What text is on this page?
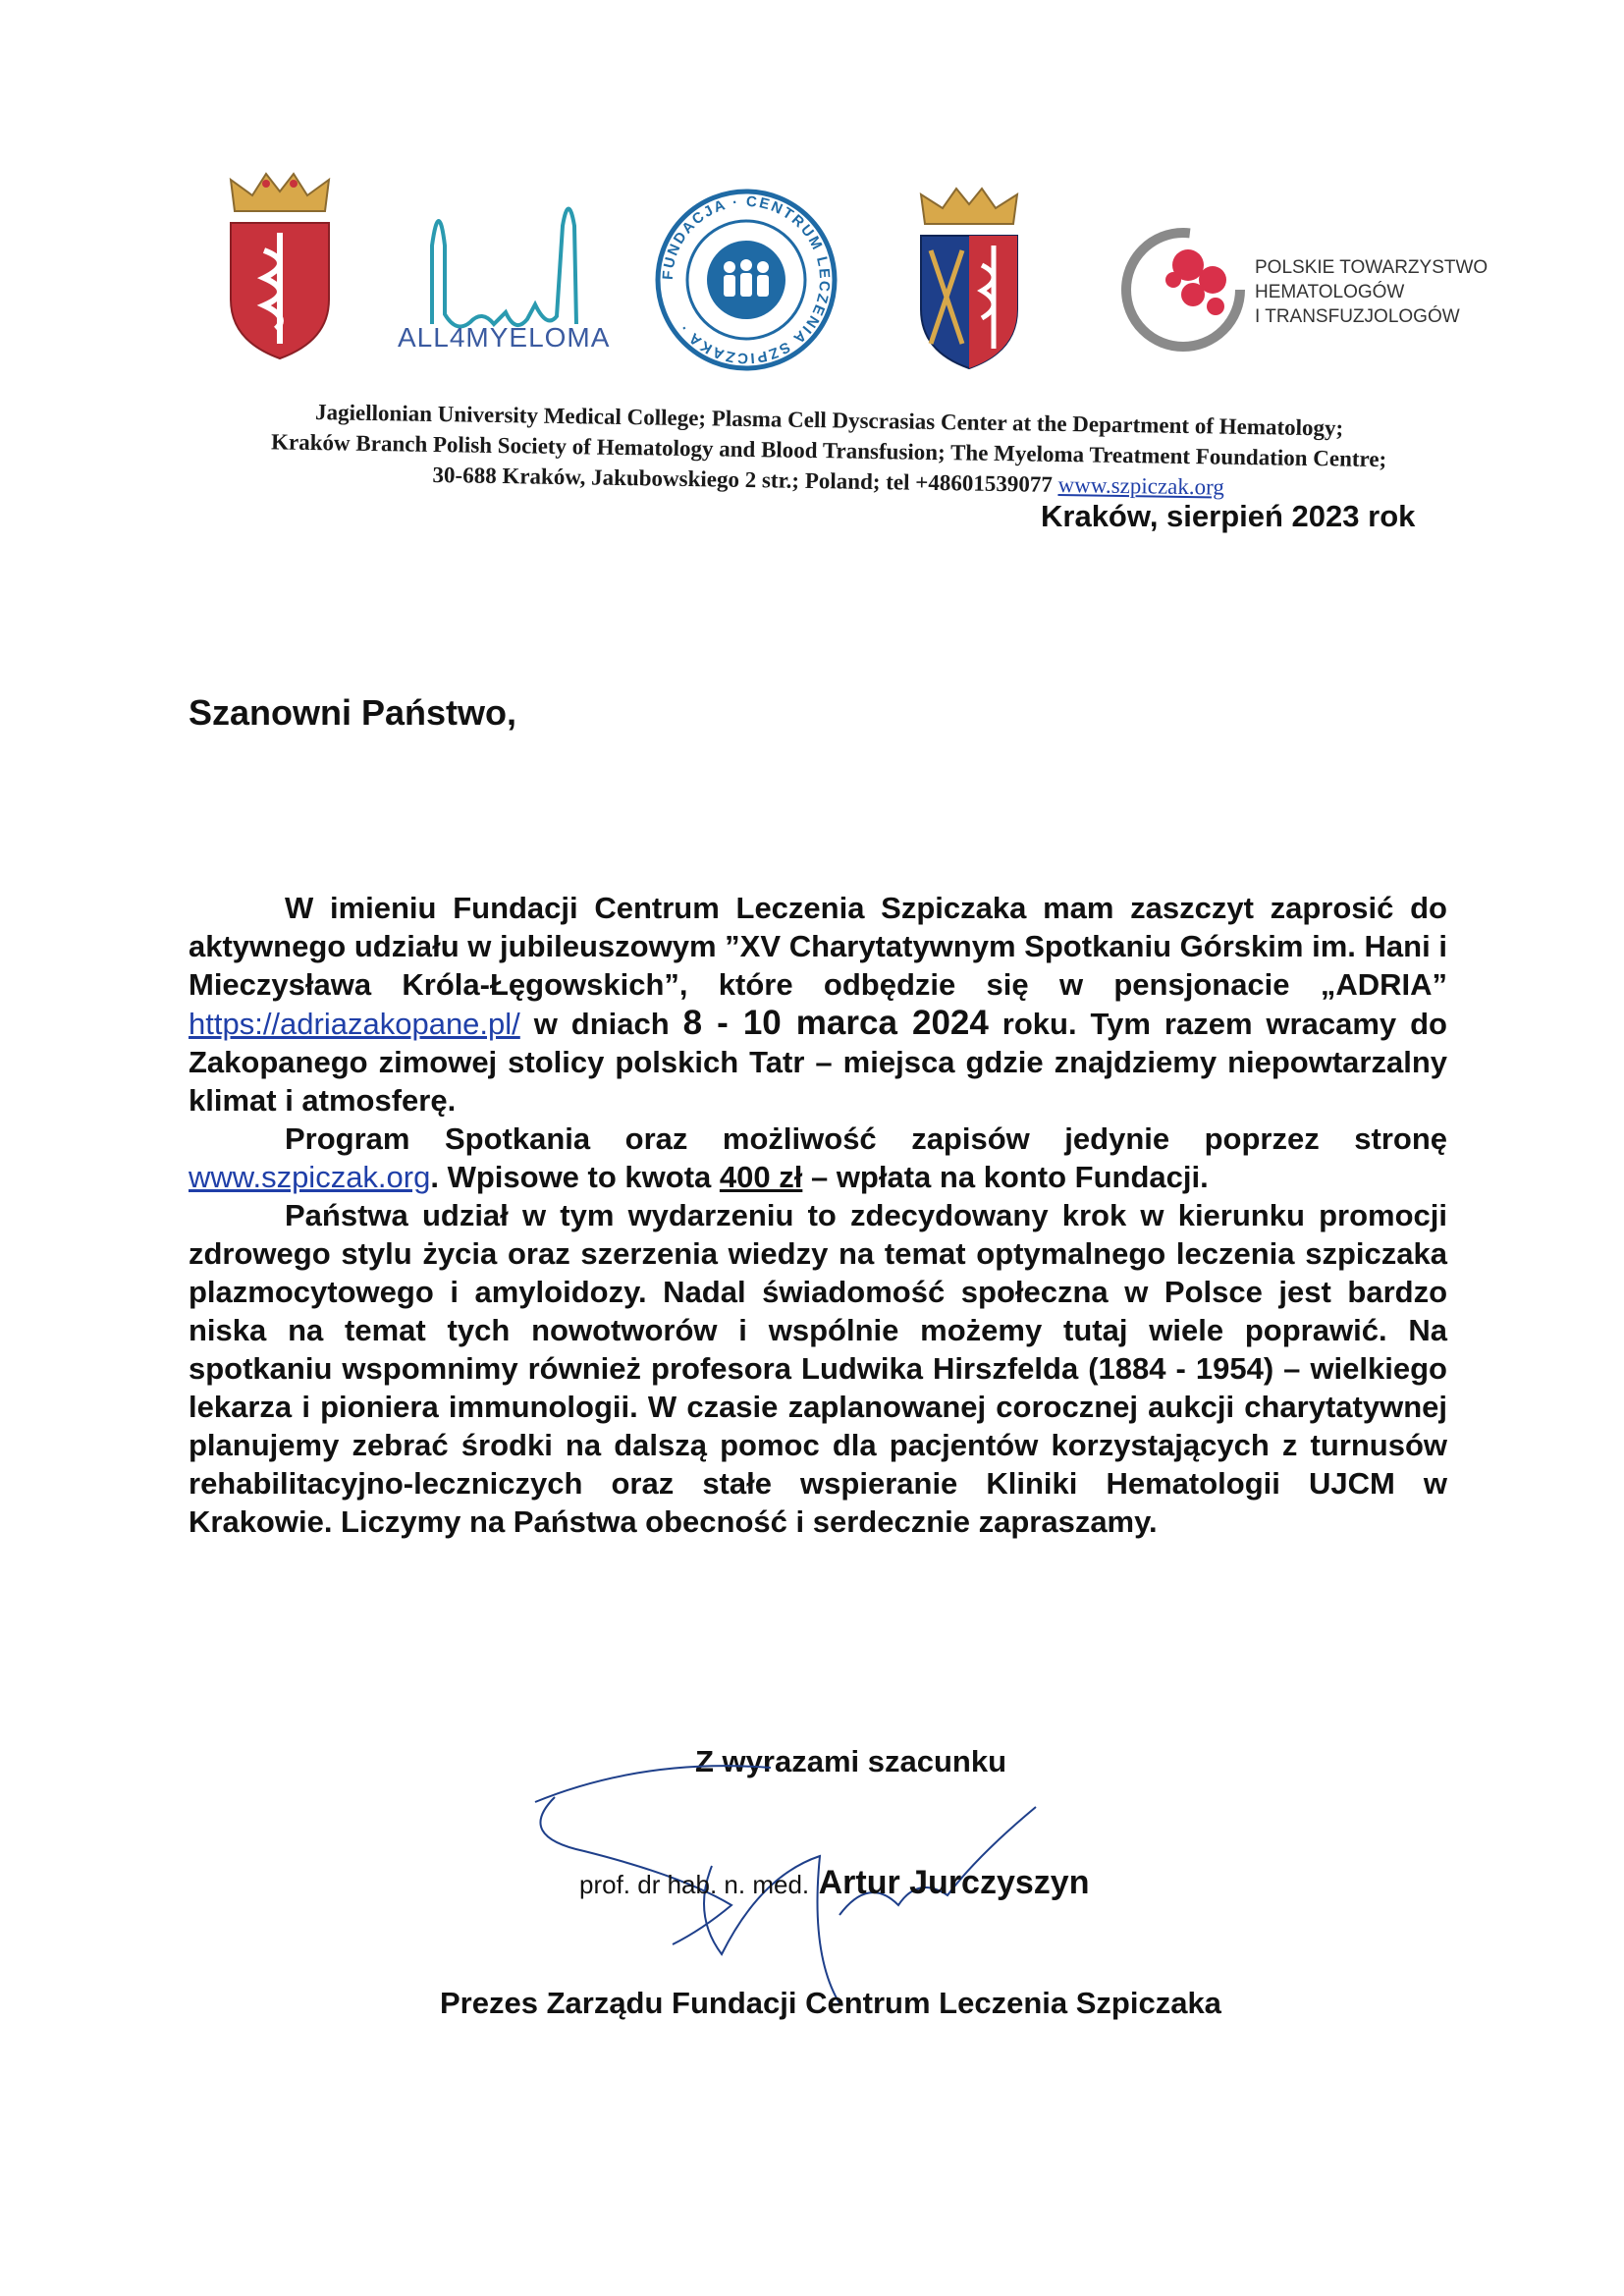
ALL4MYELOMA
FUNDACJA · CENTRUM LECZENIA SZPICZAKA ·
POLSKIE TOWARZYSTWO
HEMATOLOGÓW
I TRANSFUZJOLOGÓW
Jagiellonian University Medical College; Plasma Cell Dyscrasias Center at the Department of Hematology;
Kraków Branch Polish Society of Hematology and Blood Transfusion; The Myeloma Treatment Foundation Centre;
30-688 Kraków, Jakubowskiego 2 str.; Poland; tel +48601539077 www.szpiczak.org
Kraków, sierpień 2023 rok
Szanowni Państwo,

W imieniu Fundacji Centrum Leczenia Szpiczaka mam zaszczyt zaprosić do aktywnego udziału w jubileuszowym ”XV Charytatywnym Spotkaniu Górskim im. Hani i Mieczysława Króla-Łęgowskich”, które odbędzie się w pensjonacie „ADRIA” https://adriazakopane.pl/ w dniach 8 - 10 marca 2024 roku. Tym razem wracamy do Zakopanego zimowej stolicy polskich Tatr – miejsca gdzie znajdziemy niepowtarzalny klimat i atmosferę.

Program Spotkania oraz możliwość zapisów jedynie poprzez stronę www.szpiczak.org. Wpisowe to kwota 400 zł – wpłata na konto Fundacji.

Państwa udział w tym wydarzeniu to zdecydowany krok w kierunku promocji zdrowego stylu życia oraz szerzenia wiedzy na temat optymalnego leczenia szpiczaka plazmocytowego i amyloidozy. Nadal świadomość społeczna w Polsce jest bardzo niska na temat tych nowotworów i wspólnie możemy tutaj wiele poprawić. Na spotkaniu wspomnimy również profesora Ludwika Hirszfelda (1884 - 1954) – wielkiego lekarza i pioniera immunologii. W czasie zaplanowanej corocznej aukcji charytatywnej planujemy zebrać środki na dalszą pomoc dla pacjentów korzystających z turnusów rehabilitacyjno-leczniczych oraz stałe wspieranie Kliniki Hematologii UJCM w Krakowie. Liczymy na Państwa obecność i serdecznie zapraszamy.

Z wyrazami szacunku
prof. dr hab. n. med. Artur Jurczyszyn
Prezes Zarządu Fundacji Centrum Leczenia Szpiczaka
